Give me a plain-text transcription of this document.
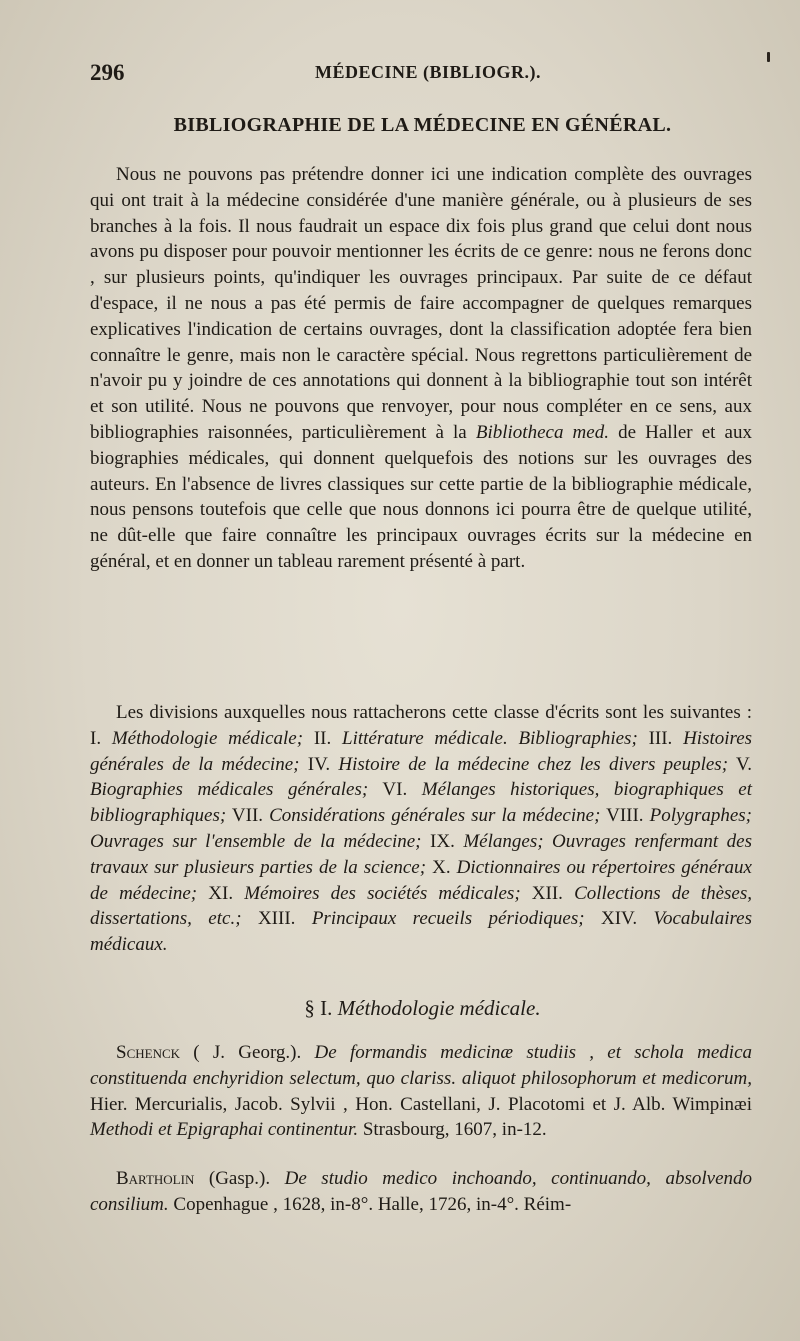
296	MÉDECINE (BIBLIOGR.).
BIBLIOGRAPHIE DE LA MÉDECINE EN GÉNÉRAL.

Nous ne pouvons pas prétendre donner ici une indication complète des ouvrages qui ont trait à la médecine considérée d'une manière générale, ou à plusieurs de ses branches à la fois. Il nous faudrait un espace dix fois plus grand que celui dont nous avons pu disposer pour pouvoir mentionner les écrits de ce genre: nous ne ferons donc , sur plusieurs points, qu'indiquer les ouvrages principaux. Par suite de ce défaut d'espace, il ne nous a pas été permis de faire accompagner de quelques remarques explicatives l'indication de certains ouvrages, dont la classification adoptée fera bien connaître le genre, mais non le caractère spécial. Nous regrettons particulièrement de n'avoir pu y joindre de ces annotations qui donnent à la bibliographie tout son intérêt et son utilité. Nous ne pouvons que renvoyer, pour nous compléter en ce sens, aux bibliographies raisonnées, particulièrement à la Bibliotheca med. de Haller et aux biographies médicales, qui donnent quelquefois des notions sur les ouvrages des auteurs. En l'absence de livres classiques sur cette partie de la bibliographie médicale, nous pensons toutefois que celle que nous donnons ici pourra être de quelque utilité, ne dût-elle que faire connaître les principaux ouvrages écrits sur la médecine en général, et en donner un tableau rarement présenté à part.

Les divisions auxquelles nous rattacherons cette classe d'écrits sont les suivantes : I. Méthodologie médicale; II. Littérature médicale. Bibliographies; III. Histoires générales de la médecine; IV. Histoire de la médecine chez les divers peuples; V. Biographies médicales générales; VI. Mélanges historiques, biographiques et bibliographiques; VII. Considérations générales sur la médecine; VIII. Polygraphes; Ouvrages sur l'ensemble de la médecine; IX. Mélanges; Ouvrages renfermant des travaux sur plusieurs parties de la science; X. Dictionnaires ou répertoires généraux de médecine; XI. Mémoires des sociétés médicales; XII. Collections de thèses, dissertations, etc.; XIII. Principaux recueils périodiques; XIV. Vocabulaires médicaux.

§ I. Méthodologie médicale.

Schenck ( J. Georg.). De formandis medicinæ studiis , et schola medica constituenda enchyridion selectum, quo clariss. aliquot philosophorum et medicorum, Hier. Mercurialis, Jacob. Sylvii , Hon. Castellani, J. Placotomi et J. Alb. Wimpinæi Methodi et Epigraphai continentur. Strasbourg, 1607, in-12.

Bartholin (Gasp.). De studio medico inchoando, continuando, absolvendo consilium. Copenhague , 1628, in-8°. Halle, 1726, in-4°. Réim-
